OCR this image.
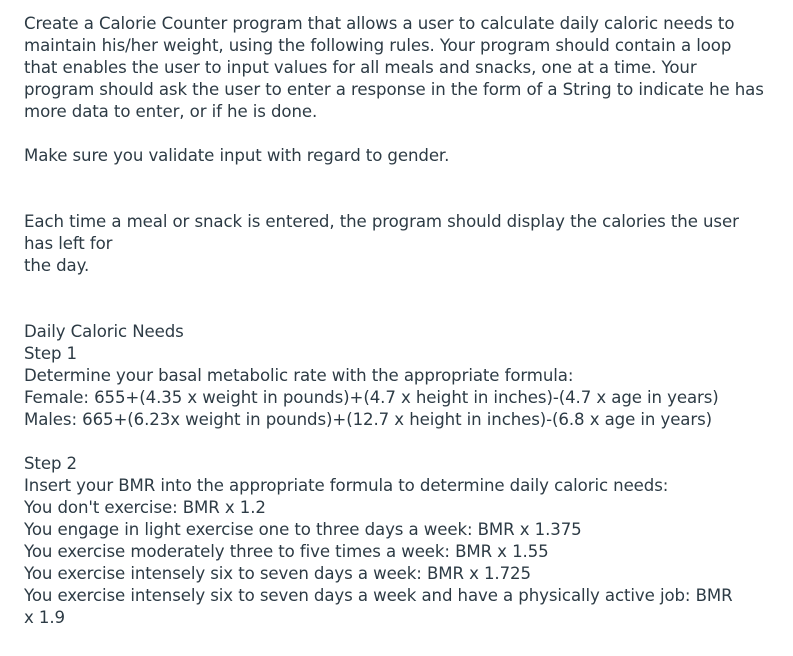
Create a Calorie Counter program that allows a user to calculate daily caloric needs to maintain his/her weight, using the following rules. Your program should contain a loop that enables the user to input values for all meals and snacks, one at a time. Your program should ask the user to enter a response in the form of a String to indicate he has more data to enter, or if he is done.

Make sure you validate input with regard to gender.

Each time a meal or snack is entered, the program should display the calories the user
has left for
the day.

Daily Caloric Needs
Step 1
Determine your basal metabolic rate with the appropriate formula:
Female: 655+(4.35 x weight in pounds)+(4.7 x height in inches)-(4.7 x age in years)
Males: 665+(6.23x weight in pounds)+(12.7 x height in inches)-(6.8 x age in years)
Step 2
Insert your BMR into the appropriate formula to determine daily caloric needs:
You don't exercise: BMR x 1.2
You engage in light exercise one to three days a week: BMR x 1.375
You exercise moderately three to five times a week: BMR x 1.55
You exercise intensely six to seven days a week: BMR x 1.725
You exercise intensely six to seven days a week and have a physically active job: BMR
x 1.9
